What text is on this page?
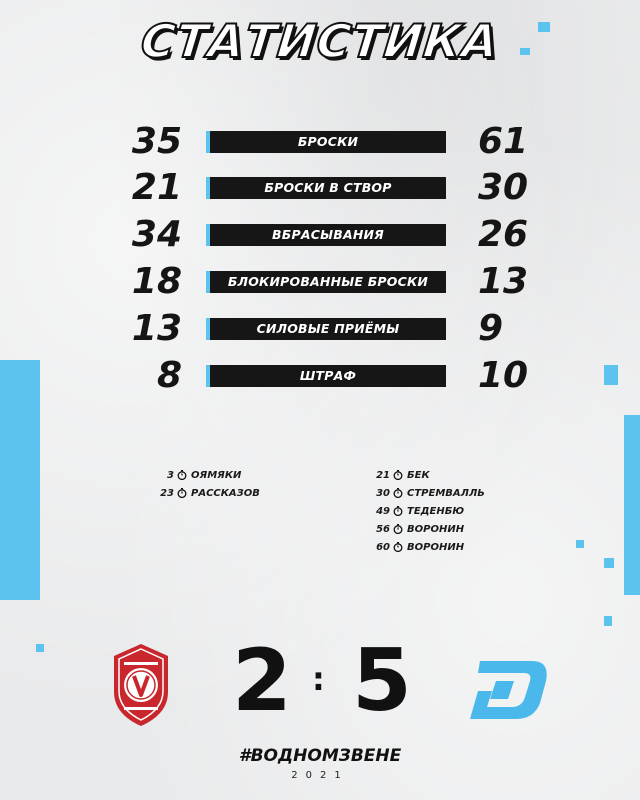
СТАТИСТИКА
35	БРОСКИ	61
21	БРОСКИ В СТВОР	30
34	ВБРАСЫВАНИЯ	26
18	БЛОКИРОВАННЫЕ БРОСКИ	13
13	СИЛОВЫЕ ПРИЁМЫ	9
8	ШТРАФ	10
3 ОЯМЯКИ
23 РАССКАЗОВ
21 БЕК
30 СТРЕМВАЛЛЬ
49 ТЕДЕНБЮ
56 ВОРОНИН
60 ВОРОНИН
2 : 5
#ВОДНОМЗВЕНЕ
2021
